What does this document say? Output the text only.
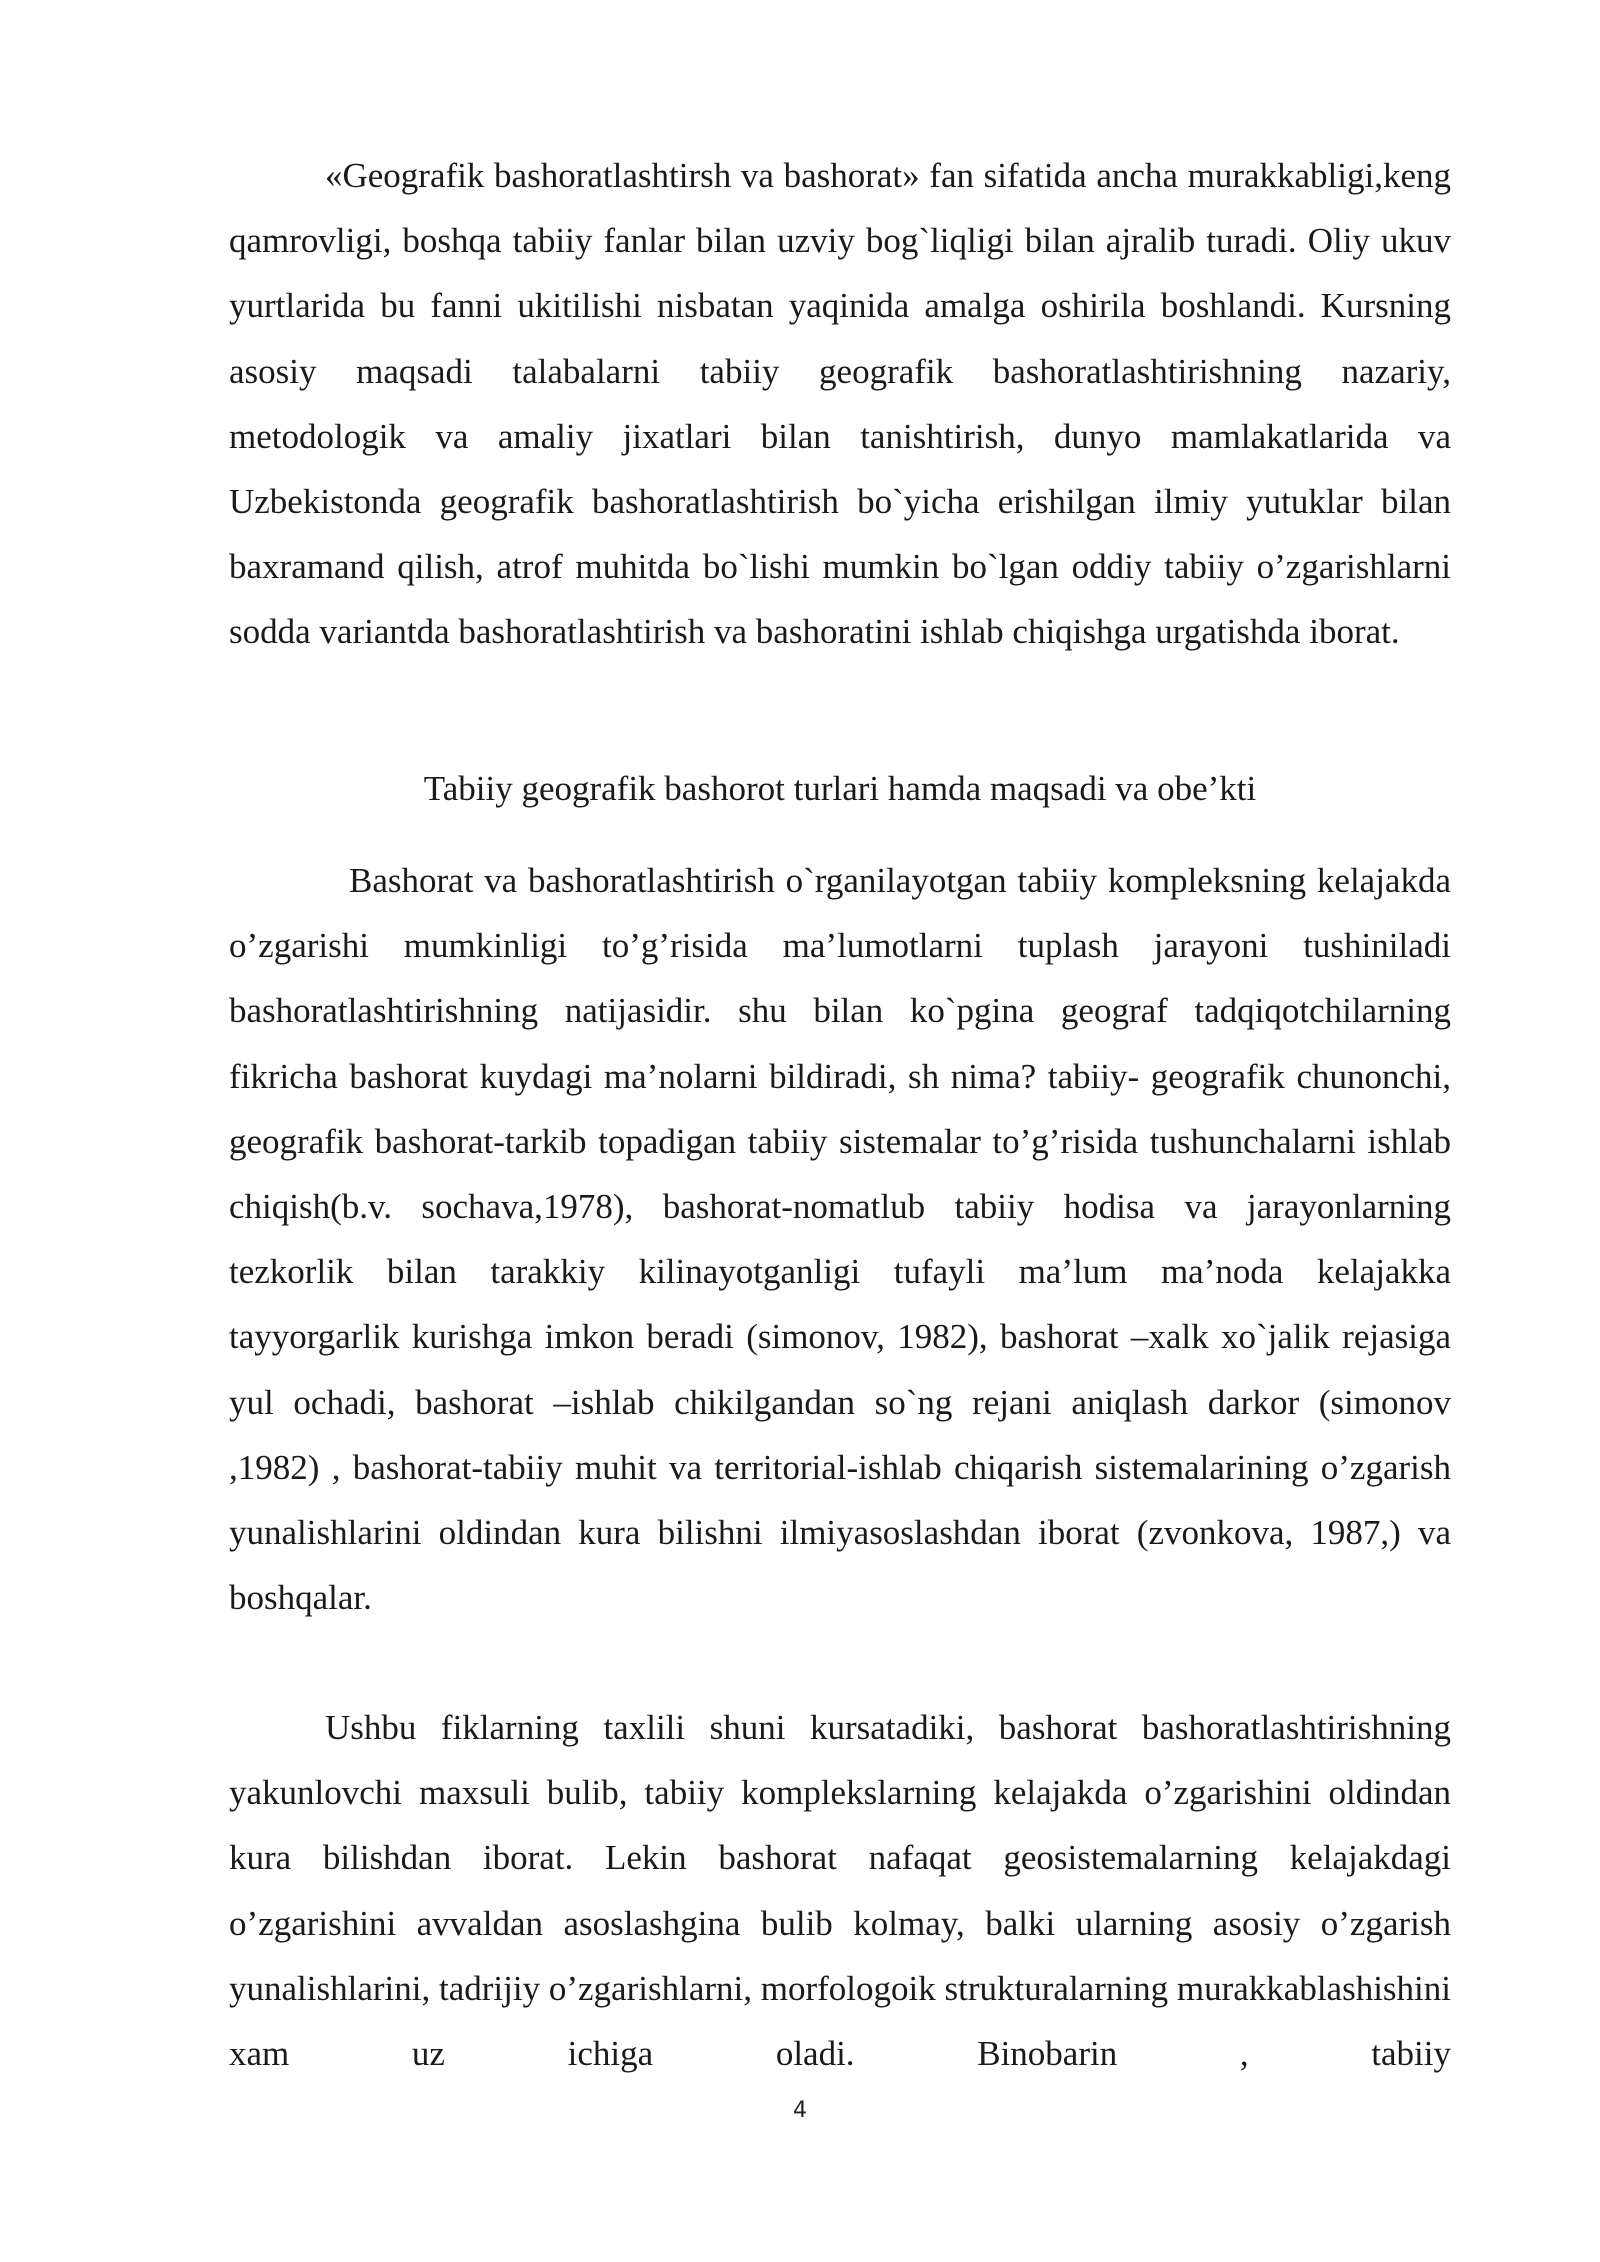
«Geografik bashoratlashtirsh va bashorat» fan sifatida ancha murakkabligi,keng qamrovligi, boshqa tabiiy fanlar bilan uzviy bog`liqligi bilan ajralib turadi. Oliy ukuv yurtlarida bu fanni ukitilishi nisbatan yaqinida amalga oshirila boshlandi. Kursning asosiy maqsadi talabalarni tabiiy geografik bashoratlashtirishning nazariy, metodologik va amaliy jixatlari bilan tanishtirish, dunyo mamlakatlarida va Uzbekistonda geografik bashoratlashtirish bo`yicha erishilgan ilmiy yutuklar bilan baxramand qilish, atrof muhitda bo`lishi mumkin bo`lgan oddiy tabiiy o’zgarishlarni sodda variantda bashoratlashtirish va bashoratini ishlab chiqishga urgatishda iborat.

Tabiiy geografik bashorot turlari hamda maqsadi va obe’kti

Bashorat va bashoratlashtirish o`rganilayotgan tabiiy kompleksning kelajakda o’zgarishi mumkinligi to’g’risida ma’lumotlarni tuplash jarayoni tushiniladi bashoratlashtirishning natijasidir. shu bilan ko`pgina geograf tadqiqotchilarning fikricha bashorat kuydagi ma’nolarni bildiradi, sh nima? tabiiy- geografik chunonchi, geografik bashorat-tarkib topadigan tabiiy sistemalar to’g’risida tushunchalarni ishlab chiqish(b.v. sochava,1978), bashorat-nomatlub tabiiy hodisa va jarayonlarning tezkorlik bilan tarakkiy kilinayotganligi tufayli ma’lum ma’noda kelajakka tayyorgarlik kurishga imkon beradi (simonov, 1982), bashorat –xalk xo`jalik rejasiga yul ochadi, bashorat –ishlab chikilgandan so`ng rejani aniqlash darkor (simonov ,1982) , bashorat-tabiiy muhit va territorial-ishlab chiqarish sistemalarining o’zgarish yunalishlarini oldindan kura bilishni ilmiyasoslashdan iborat (zvonkova, 1987,) va boshqalar.

Ushbu fiklarning taxlili shuni kursatadiki, bashorat bashoratlashtirishning yakunlovchi maxsuli bulib, tabiiy komplekslarning kelajakda o’zgarishini oldindan kura bilishdan iborat. Lekin bashorat nafaqat geosistemalarning kelajakdagi o’zgarishini avvaldan asoslashgina bulib kolmay, balki ularning asosiy o’zgarish yunalishlarini, tadrijiy o’zgarishlarni, morfologoik strukturalarning murakkablashishini xam uz ichiga oladi. Binobarin , tabiiy

4
